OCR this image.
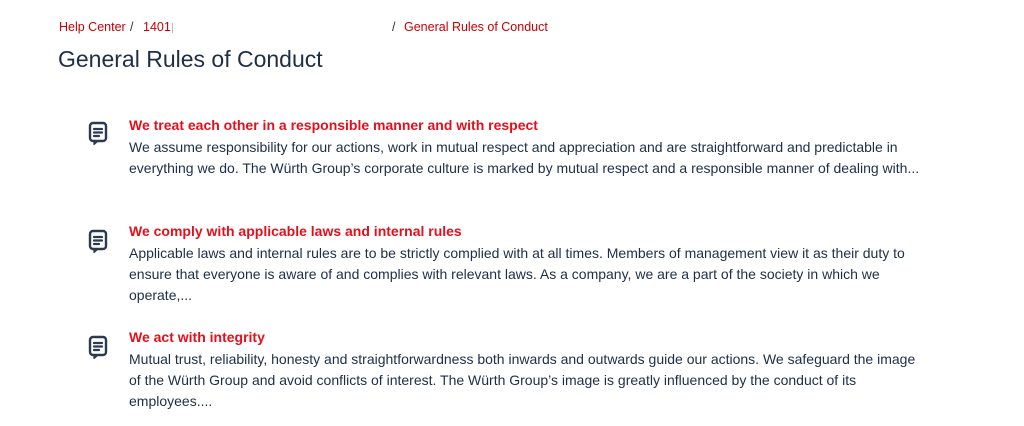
Help Center / 1401	/ General Rules of Conduct
General Rules of Conduct
We treat each other in a responsible manner and with respect

We assume responsibility for our actions, work in mutual respect and appreciation and are straightforward and predictable in everything we do. The Würth Group’s corporate culture is marked by mutual respect and a responsible manner of dealing with...

We comply with applicable laws and internal rules

Applicable laws and internal rules are to be strictly complied with at all times. Members of management view it as their duty to ensure that everyone is aware of and complies with relevant laws. As a company, we are a part of the society in which we operate,...

We act with integrity

Mutual trust, reliability, honesty and straightforwardness both inwards and outwards guide our actions. We safeguard the image of the Würth Group and avoid conflicts of interest. The Würth Group’s image is greatly influenced by the conduct of its employees....
